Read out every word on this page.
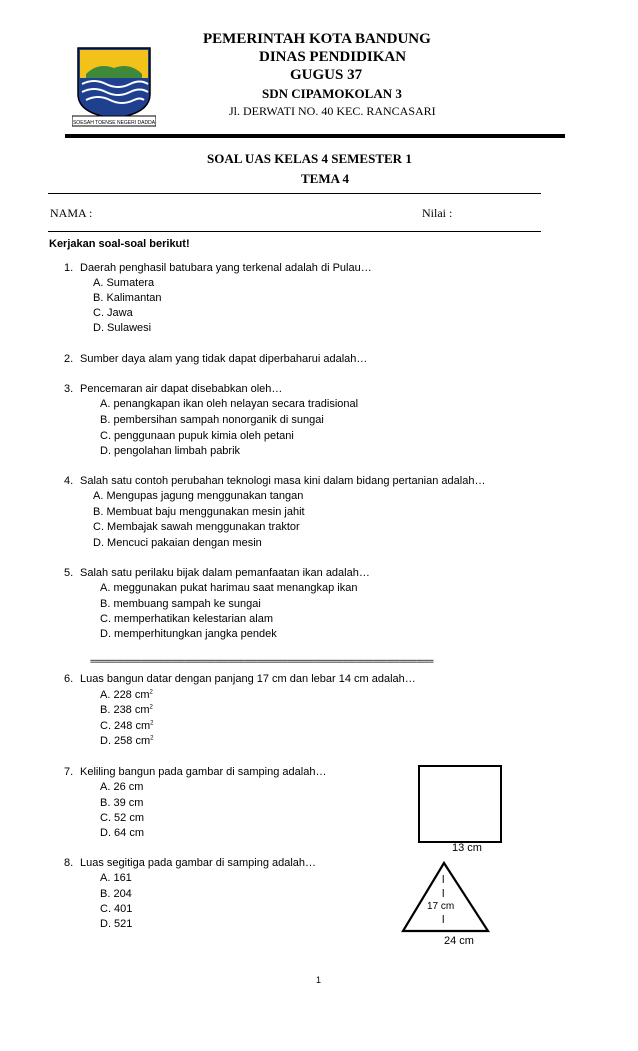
SOESAH TOENSE NEGERI DADDA
PEMERINTAH KOTA BANDUNG
DINAS PENDIDIKAN
GUGUS 37
SDN CIPAMOKOLAN 3
Jl. DERWATI NO. 40 KEC. RANCASARI
SOAL UAS KELAS 4 SEMESTER 1
TEMA 4
NAMA :	Nilai :
Kerjakan soal-soal berikut!
1. Daerah penghasil batubara yang terkenal adalah di Pulau…
A. Sumatera
B. Kalimantan
C. Jawa
D. Sulawesi
2. Sumber daya alam yang tidak dapat diperbaharui adalah…
3. Pencemaran air dapat disebabkan oleh…
A. penangkapan ikan oleh nelayan secara tradisional
B. pembersihan sampah nonorganik di sungai
C. penggunaan pupuk kimia oleh petani
D. pengolahan limbah pabrik
4. Salah satu contoh perubahan teknologi masa kini dalam bidang pertanian adalah…
A. Mengupas jagung menggunakan tangan
B. Membuat baju menggunakan mesin jahit
C. Membajak sawah menggunakan traktor
D. Mencuci pakaian dengan mesin
5. Salah satu perilaku bijak dalam pemanfaatan ikan adalah…
A. meggunakan pukat harimau saat menangkap ikan
B. membuang sampah ke sungai
C. memperhatikan kelestarian alam
D. memperhitungkan jangka pendek
================================================================================
6. Luas bangun datar dengan panjang 17 cm dan lebar 14 cm adalah…
A. 228 $cm^2$
B. 238 $cm^2$
C. 248 $cm^2$
D. 258 $cm^2$
7. Keliling bangun pada gambar di samping adalah…
A. 26 cm
B. 39 cm
C. 52 cm
D. 64 cm
13 cm
8. Luas segitiga pada gambar di samping adalah…
A. 161
B. 204
C. 401
D. 521
l
l
17 cm
l
24 cm
1
